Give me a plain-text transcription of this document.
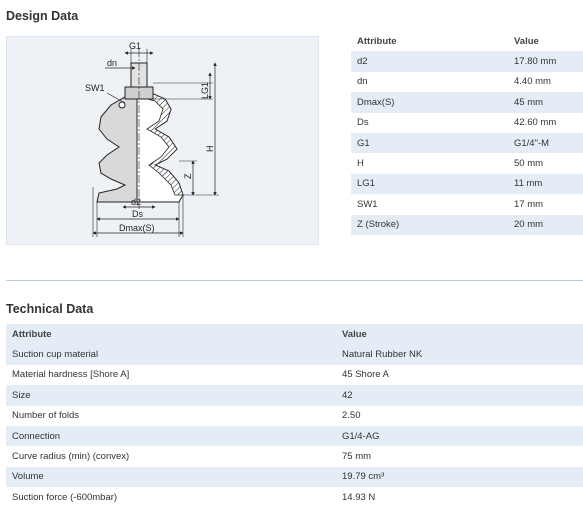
Design Data
G1
dn
SW1	LG1
H
Z
d2
Ds
Dmax(S)
Attribute	Value
d2	17.80 mm
dn	4.40 mm
Dmax(S)	45 mm
Ds	42.60 mm
G1	G1/4"-M
H	50 mm
LG1	11 mm
SW1	17 mm
Z (Stroke)	20 mm
Technical Data
Attribute	Value
Suction cup material	Natural Rubber NK
Material hardness [Shore A]	45 Shore A
Size	42
Number of folds	2.50
Connection	G1/4-AG
Curve radius (min) (convex)	75 mm
Volume	19.79 cm³
Suction force (-600mbar)	14.93 N
